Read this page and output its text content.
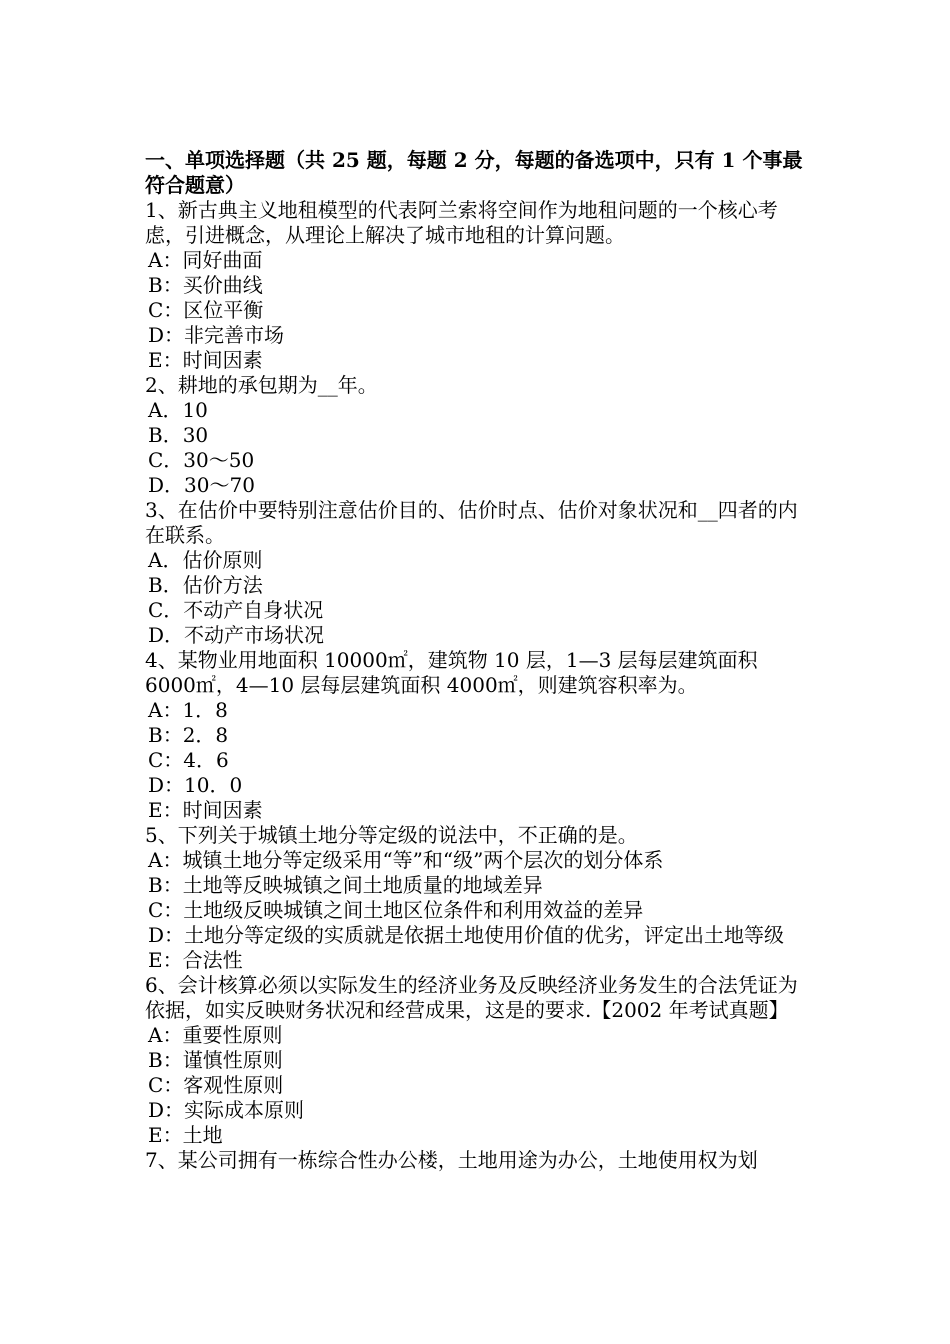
一、单项选择题（共 25 题，每题 2 分，每题的备选项中，只有 1 个事最符合题意）

1、新古典主义地租模型的代表阿兰索将空间作为地租问题的一个核心考虑，引进概念，从理论上解决了城市地租的计算问题。

A：同好曲面

B：买价曲线

C：区位平衡

D：非完善市场

E：时间因素

2、耕地的承包期为__年。

A．10

B．30

C．30～50

D．30～70

3、在估价中要特别注意估价目的、估价时点、估价对象状况和__四者的内在联系。

A．估价原则

B．估价方法

C．不动产自身状况

D．不动产市场状况

4、某物业用地面积 10000㎡，建筑物 10 层，1—3 层每层建筑面积 6000㎡，4—10 层每层建筑面积 4000㎡，则建筑容积率为。

A：1．8

B：2．8

C：4．6

D：10．0

E：时间因素

5、下列关于城镇土地分等定级的说法中，不正确的是。

A：城镇土地分等定级采用“等”和“级”两个层次的划分体系

B：土地等反映城镇之间土地质量的地域差异

C：土地级反映城镇之间土地区位条件和利用效益的差异

D：土地分等定级的实质就是依据土地使用价值的优劣，评定出土地等级

E：合法性

6、会计核算必须以实际发生的经济业务及反映经济业务发生的合法凭证为依据，如实反映财务状况和经营成果，这是的要求.【2002 年考试真题】

A：重要性原则

B：谨慎性原则

C：客观性原则

D：实际成本原则

E：土地

7、某公司拥有一栋综合性办公楼，土地用途为办公，土地使用权为划
